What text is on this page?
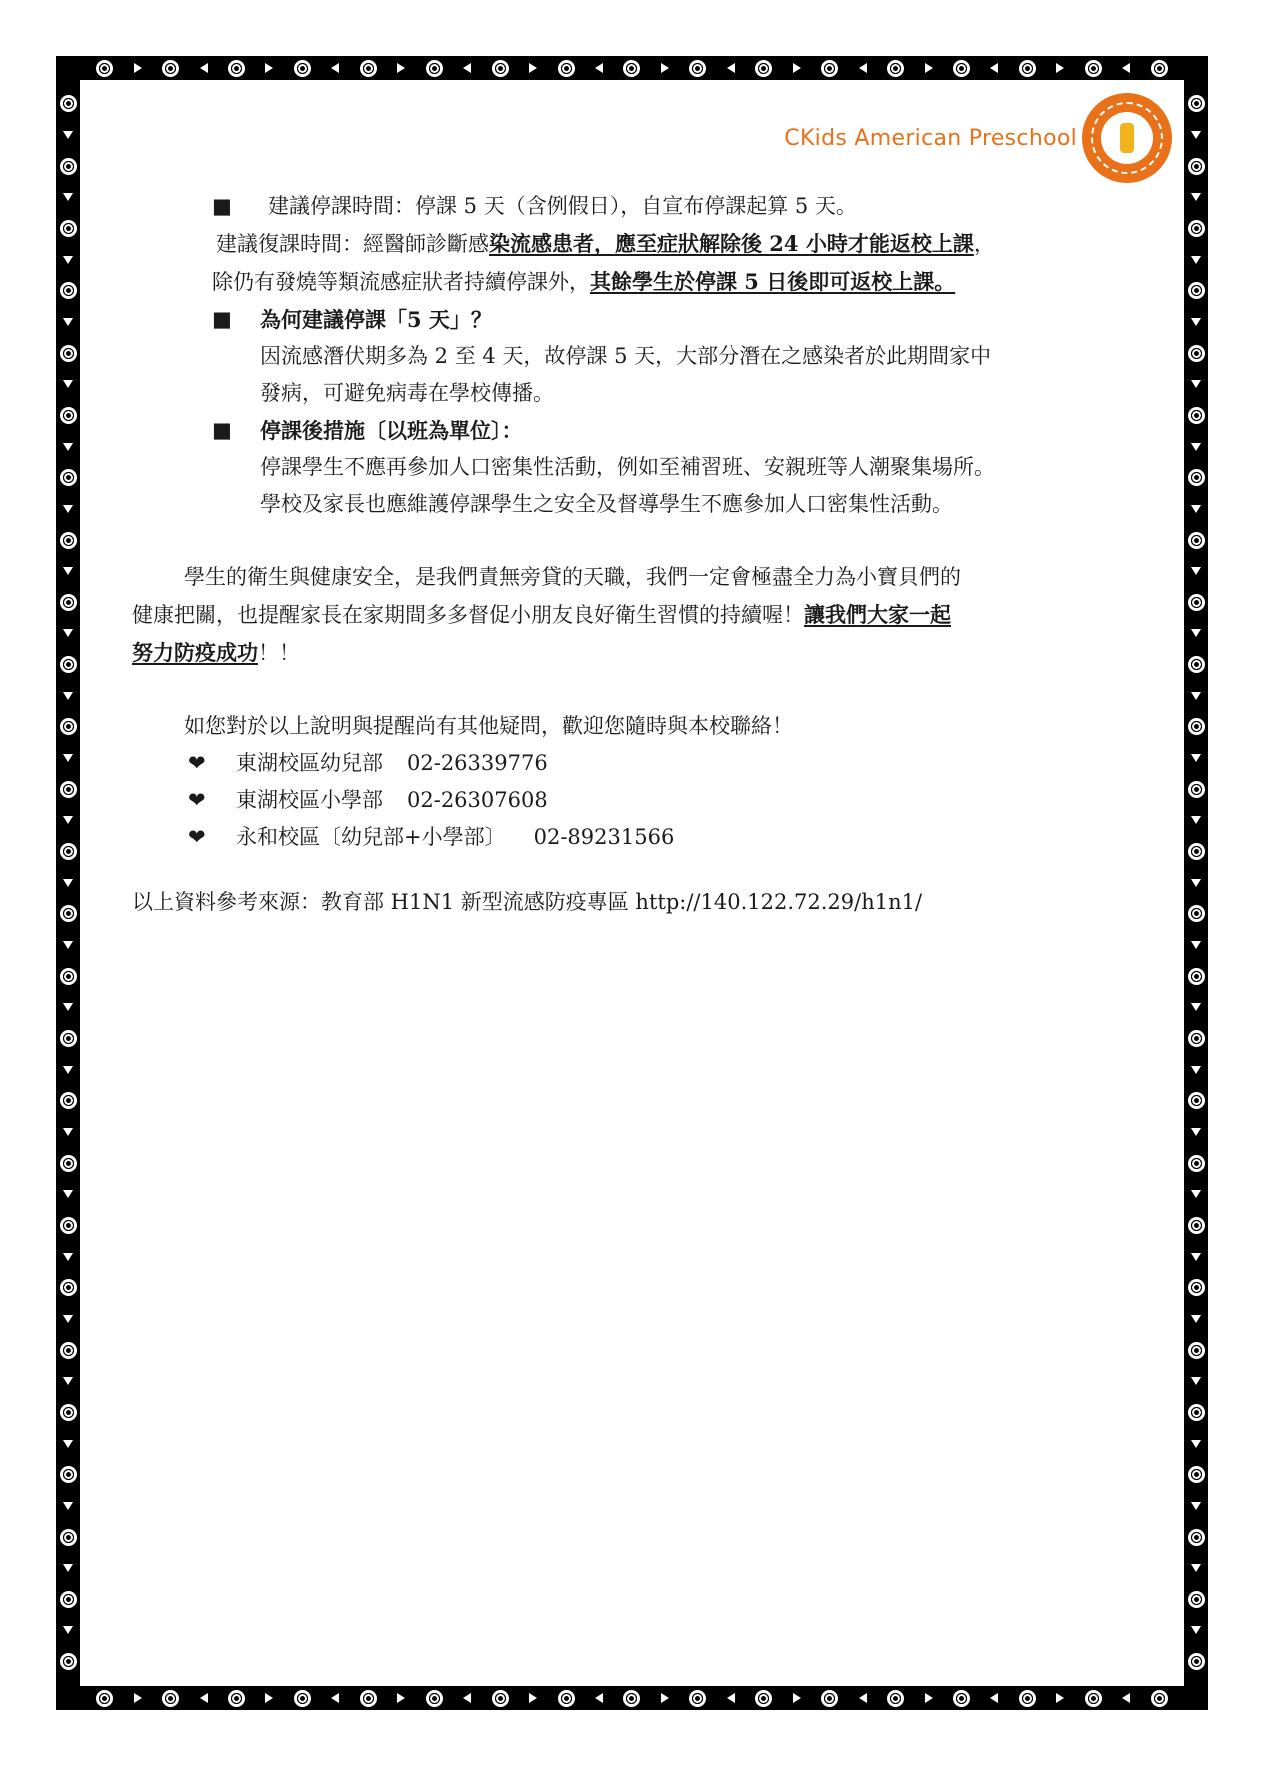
CKids American Preschool
■ 建議停課時間：停課 5 天（含例假日），自宣布停課起算 5 天。
建議復課時間：經醫師診斷感染流感患者，應至症狀解除後 24 小時才能返校上課，
除仍有發燒等類流感症狀者持續停課外，其餘學生於停課 5 日後即可返校上課。
■ 為何建議停課「5 天」？
因流感潛伏期多為 2 至 4 天，故停課 5 天，大部分潛在之感染者於此期間家中
發病，可避免病毒在學校傳播。
■ 停課後措施〔以班為單位〕：
停課學生不應再參加人口密集性活動，例如至補習班、安親班等人潮聚集場所。
學校及家長也應維護停課學生之安全及督導學生不應參加人口密集性活動。
學生的衛生與健康安全，是我們責無旁貸的天職，我們一定會極盡全力為小寶貝們的
健康把關，也提醒家長在家期間多多督促小朋友良好衛生習慣的持續喔！讓我們大家一起
努力防疫成功！！
如您對於以上說明與提醒尚有其他疑問，歡迎您隨時與本校聯絡！
❤ 東湖校區幼兒部 02-26339776
❤ 東湖校區小學部 02-26307608
❤ 永和校區〔幼兒部+小學部〕 02-89231566
以上資料參考來源：教育部 H1N1 新型流感防疫專區 http://140.122.72.29/h1n1/
